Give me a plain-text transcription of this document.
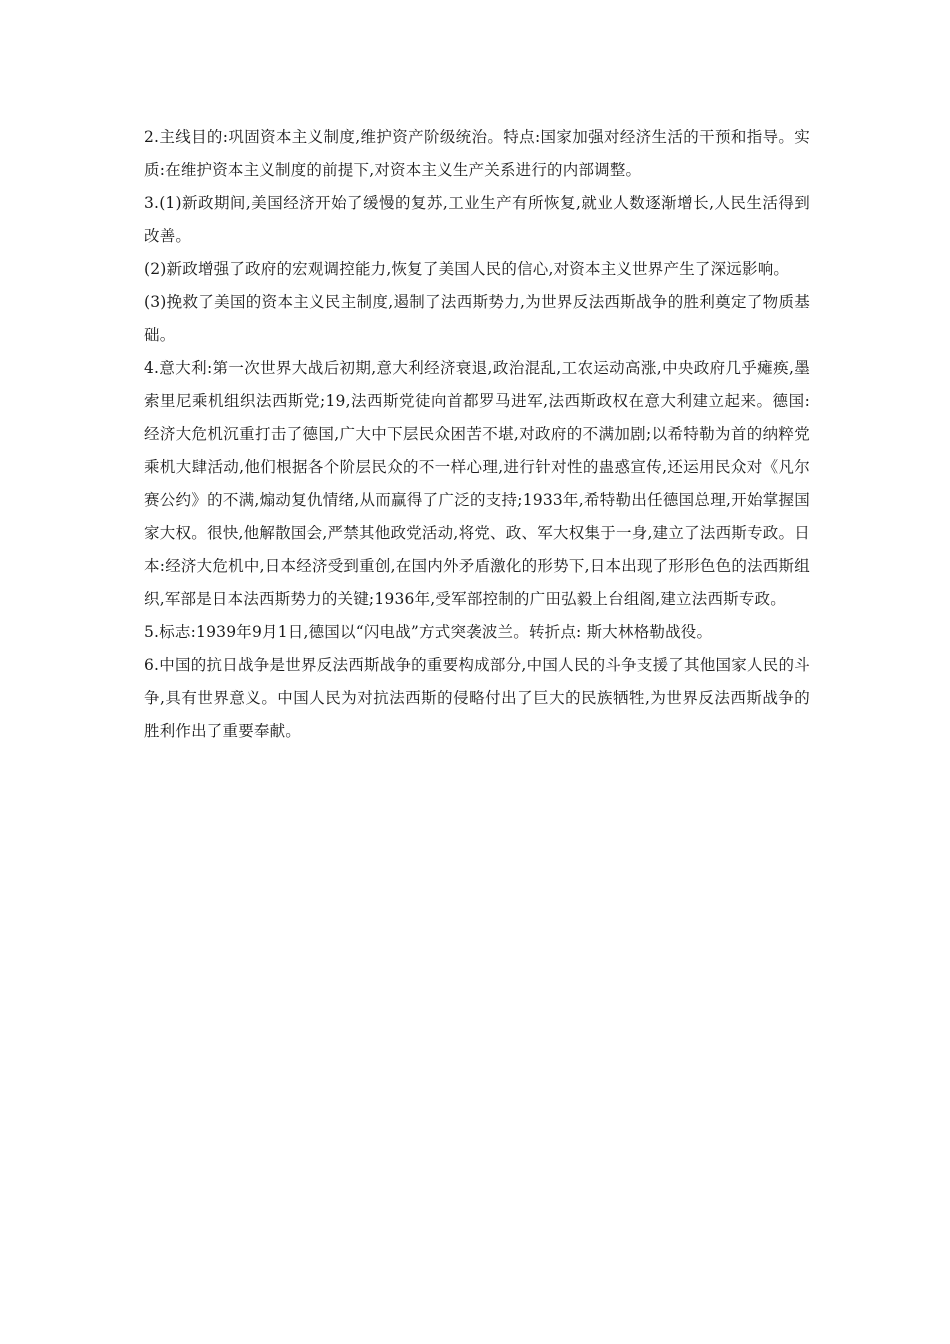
2.主线目的:巩固资本主义制度,维护资产阶级统治。特点:国家加强对经济生活的干预和指导。实质:在维护资本主义制度的前提下,对资本主义生产关系进行的内部调整。

3.(1)新政期间,美国经济开始了缓慢的复苏,工业生产有所恢复,就业人数逐渐增长,人民生活得到改善。

(2)新政增强了政府的宏观调控能力,恢复了美国人民的信心,对资本主义世界产生了深远影响。

(3)挽救了美国的资本主义民主制度,遏制了法西斯势力,为世界反法西斯战争的胜利奠定了物质基础。

4.意大利:第一次世界大战后初期,意大利经济衰退,政治混乱,工农运动高涨,中央政府几乎瘫痪,墨索里尼乘机组织法西斯党;19,法西斯党徒向首都罗马进军,法西斯政权在意大利建立起来。德国:经济大危机沉重打击了德国,广大中下层民众困苦不堪,对政府的不满加剧;以希特勒为首的纳粹党乘机大肆活动,他们根据各个阶层民众的不一样心理,进行针对性的蛊惑宣传,还运用民众对《凡尔赛公约》的不满,煽动复仇情绪,从而赢得了广泛的支持;1933年,希特勒出任德国总理,开始掌握国家大权。很快,他解散国会,严禁其他政党活动,将党、政、军大权集于一身,建立了法西斯专政。日本:经济大危机中,日本经济受到重创,在国内外矛盾激化的形势下,日本出现了形形色色的法西斯组织,军部是日本法西斯势力的关键;1936年,受军部控制的广田弘毅上台组阁,建立法西斯专政。

5.标志:1939年9月1日,德国以“闪电战”方式突袭波兰。转折点: 斯大林格勒战役。

6.中国的抗日战争是世界反法西斯战争的重要构成部分,中国人民的斗争支援了其他国家人民的斗争,具有世界意义。中国人民为对抗法西斯的侵略付出了巨大的民族牺牲,为世界反法西斯战争的胜利作出了重要奉献。
